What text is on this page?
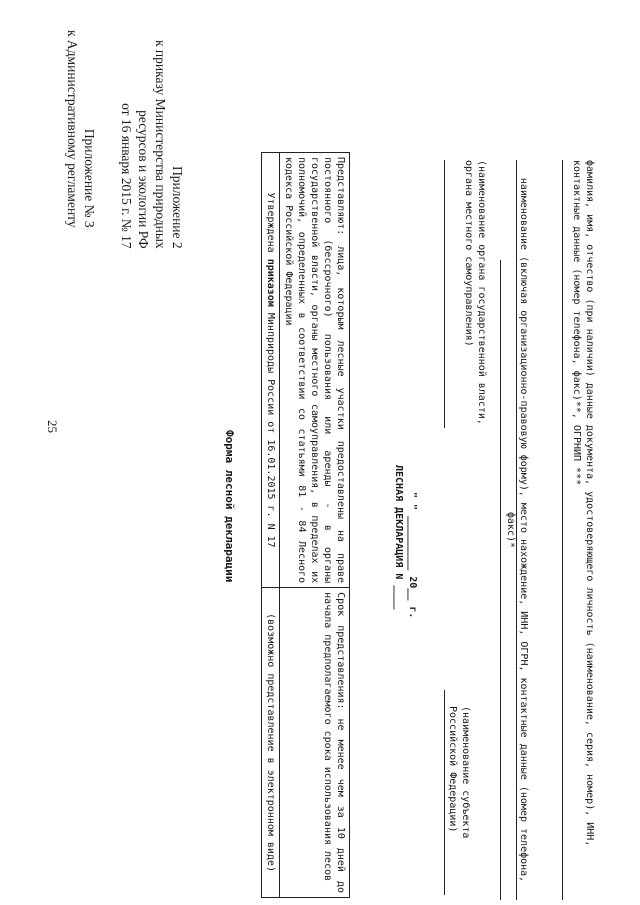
25
Приложение № 3
к Административному регламенту	Приложение 2
к приказу Министерства природных
ресурсов и экологии РФ
от 16 января 2015 г. № 17
Форма лесной декларации	Представляют: лица, которым лесные участки предоставлены на праве постоянного (бессрочного) пользования или аренды - в органы государственной власти, органы местного самоуправления, в пределах их полномочий, определенных в соответствии со статьями 81 - 84 Лесного кодекса Российской Федерации	Срок представления: не менее чем за 10 дней до начала предполагаемого срока использования лесов
Утверждена приказом Минприроды России от 16.01.2015 г. N 17	(возможно представление в электронном виде)
(наименование органа государственной власти, органа местного самоуправления)
ЛЕСНАЯ ДЕКЛАРАЦИЯ N ____ " " _________ 20__ г.
(наименование субъекта Российской Федерации)	наименование (включая организационно-правовую форму), место нахождение, ИНН, ОГРН, контактные данные (номер телефона, факс)*	фамилия, имя, отчество (при наличии) данные документа, удостоверяющего личность (наименование, серия, номер), ИНН, контактные данные (номер телефона, факс)**, ОГРНИП ***
